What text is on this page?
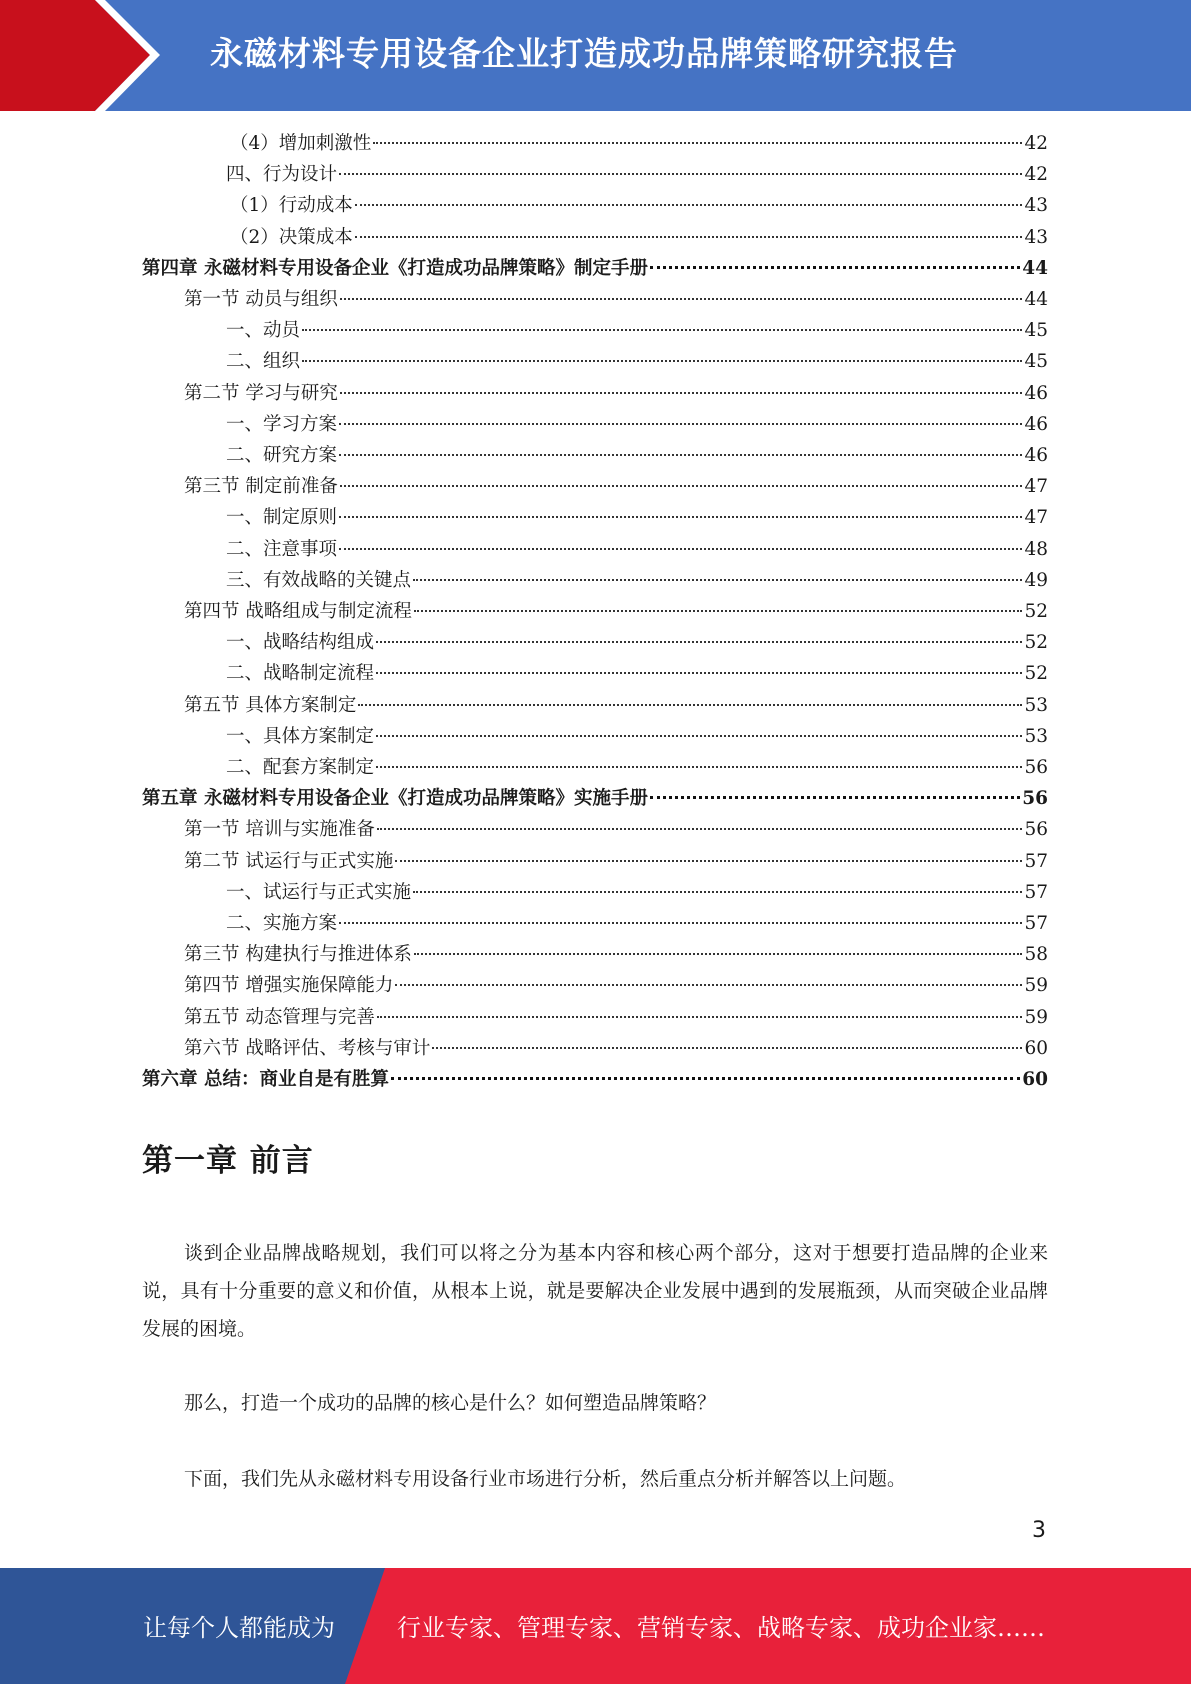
永磁材料专用设备企业打造成功品牌策略研究报告
（4）增加刺激性	42
四、行为设计	42
（1）行动成本	43
（2）决策成本	43
第四章 永磁材料专用设备企业《打造成功品牌策略》制定手册	44
第一节 动员与组织	44
一、动员	45
二、组织	45
第二节 学习与研究	46
一、学习方案	46
二、研究方案	46
第三节 制定前准备	47
一、制定原则	47
二、注意事项	48
三、有效战略的关键点	49
第四节 战略组成与制定流程	52
一、战略结构组成	52
二、战略制定流程	52
第五节 具体方案制定	53
一、具体方案制定	53
二、配套方案制定	56
第五章 永磁材料专用设备企业《打造成功品牌策略》实施手册	56
第一节 培训与实施准备	56
第二节 试运行与正式实施	57
一、试运行与正式实施	57
二、实施方案	57
第三节 构建执行与推进体系	58
第四节 增强实施保障能力	59
第五节 动态管理与完善	59
第六节 战略评估、考核与审计	60
第六章 总结：商业自是有胜算	60
第一章 前言
谈到企业品牌战略规划，我们可以将之分为基本内容和核心两个部分，这对于想要打造品牌的企业来说，具有十分重要的意义和价值，从根本上说，就是要解决企业发展中遇到的发展瓶颈，从而突破企业品牌发展的困境。
那么，打造一个成功的品牌的核心是什么？如何塑造品牌策略？
下面，我们先从永磁材料专用设备行业市场进行分析，然后重点分析并解答以上问题。
3
让每个人都能成为	行业专家、管理专家、营销专家、战略专家、成功企业家……
